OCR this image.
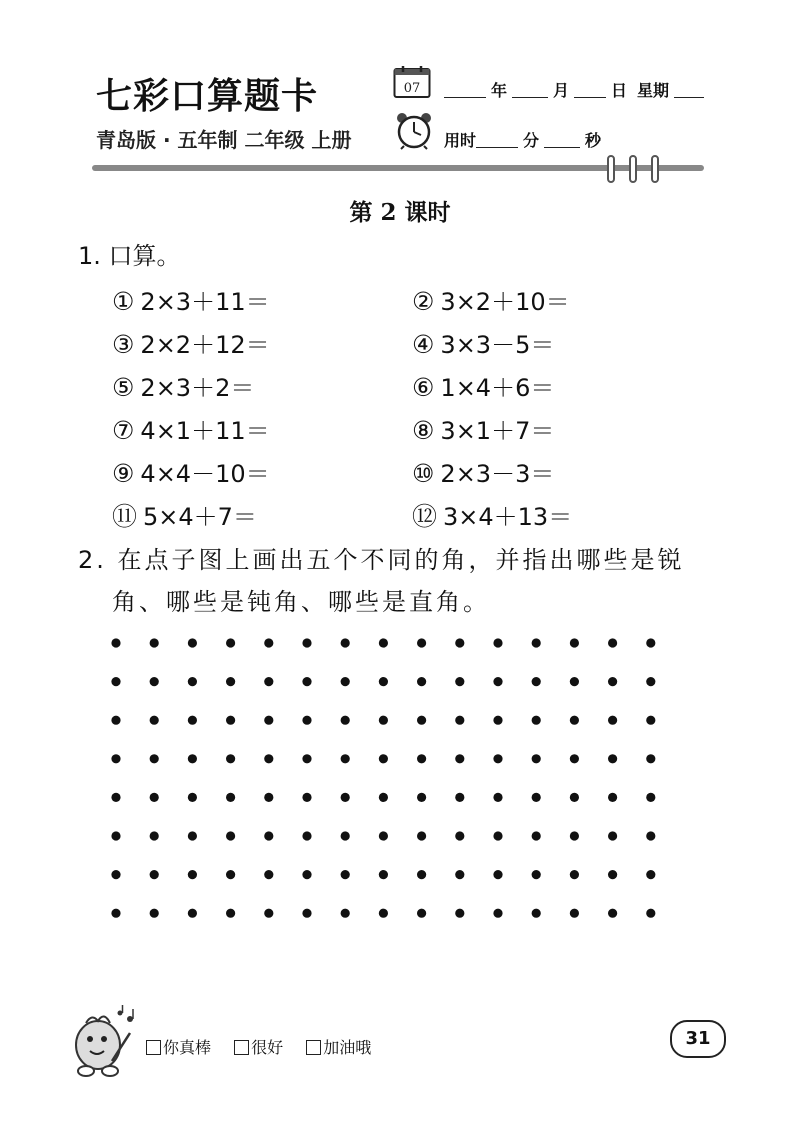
七彩口算题卡
青岛版 · 五年制 二年级 上册
07	年	月	日 星期
用时	分	秒
第 2 课时
1. 口算。
① 2×3＋11＝	② 3×2＋10＝
③ 2×2＋12＝	④ 3×3－5＝
⑤ 2×3＋2＝	⑥ 1×4＋6＝
⑦ 4×1＋11＝	⑧ 3×1＋7＝
⑨ 4×4－10＝	⑩ 2×3－3＝
⑪ 5×4＋7＝	⑫ 3×4＋13＝
2. 在点子图上画出五个不同的角，并指出哪些是锐
角、哪些是钝角、哪些是直角。
你真棒	很好	加油哦	31
